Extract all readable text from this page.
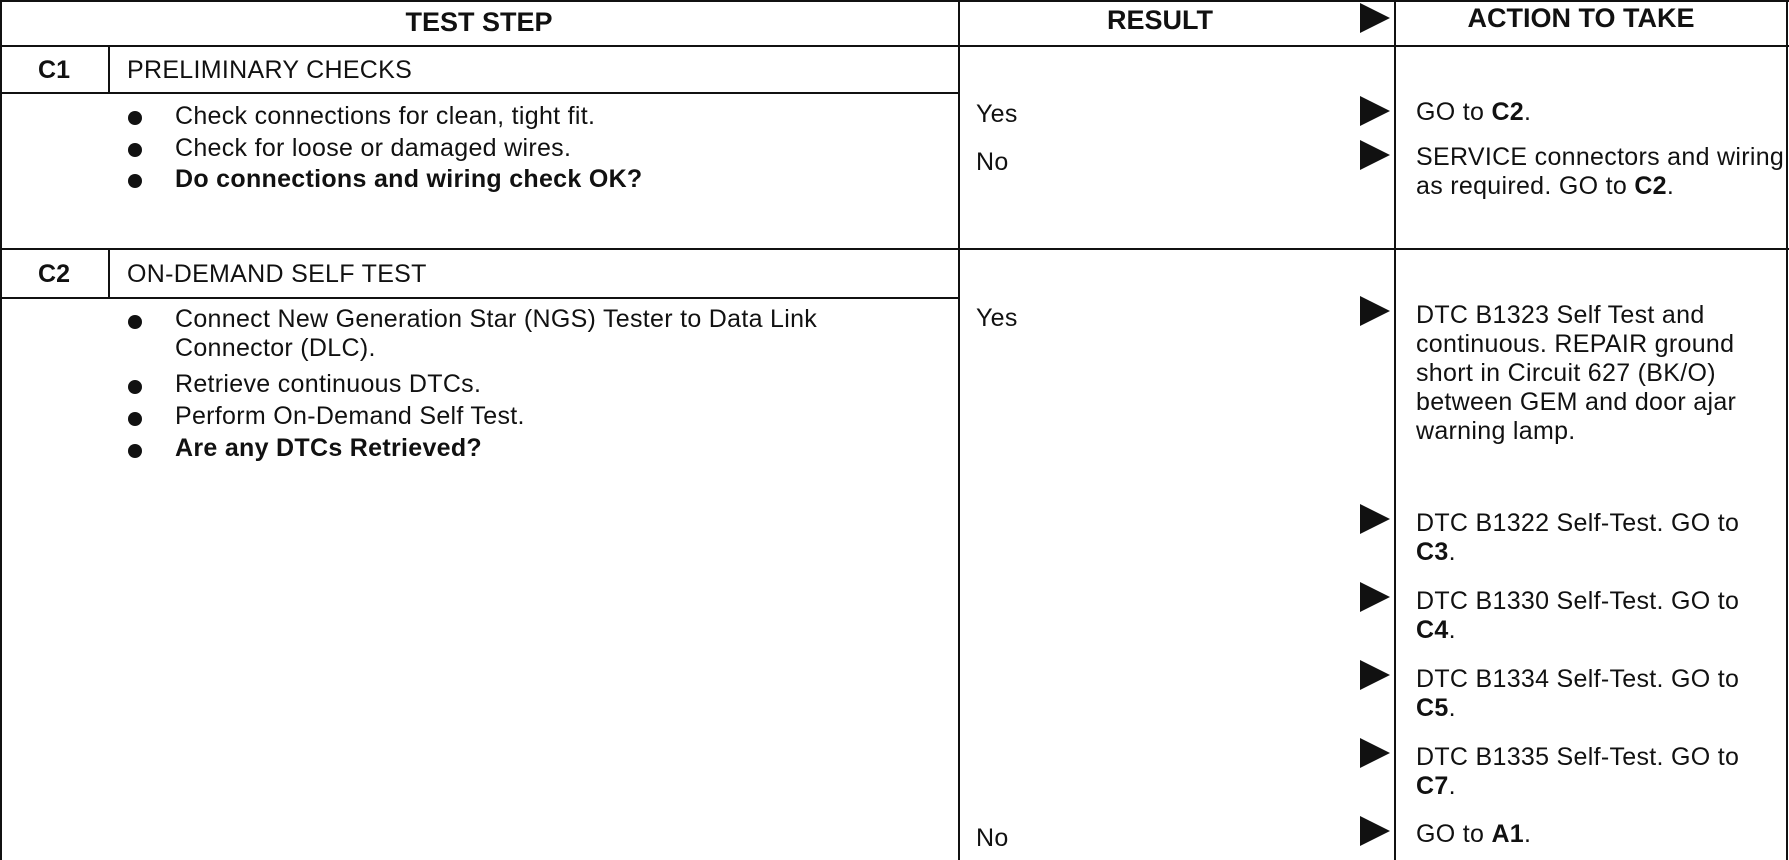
TEST STEP	RESULT	ACTION TO TAKE
C1	PRELIMINARY CHECKS
Check connections for clean, tight fit.
Check for loose or damaged wires.
Do connections and wiring check OK?
Yes	GO to C2.
No	SERVICE connectors and wiring as required. GO to C2.
C2	ON-DEMAND SELF TEST
Connect New Generation Star (NGS) Tester to Data Link Connector (DLC).
Retrieve continuous DTCs.
Perform On-Demand Self Test.
Are any DTCs Retrieved?
Yes	DTC B1323 Self Test and continuous. REPAIR ground short in Circuit 627 (BK/O) between GEM and door ajar warning lamp.
DTC B1322 Self-Test. GO to C3.
DTC B1330 Self-Test. GO to C4.
DTC B1334 Self-Test. GO to C5.
DTC B1335 Self-Test. GO to C7.
No	GO to A1.
